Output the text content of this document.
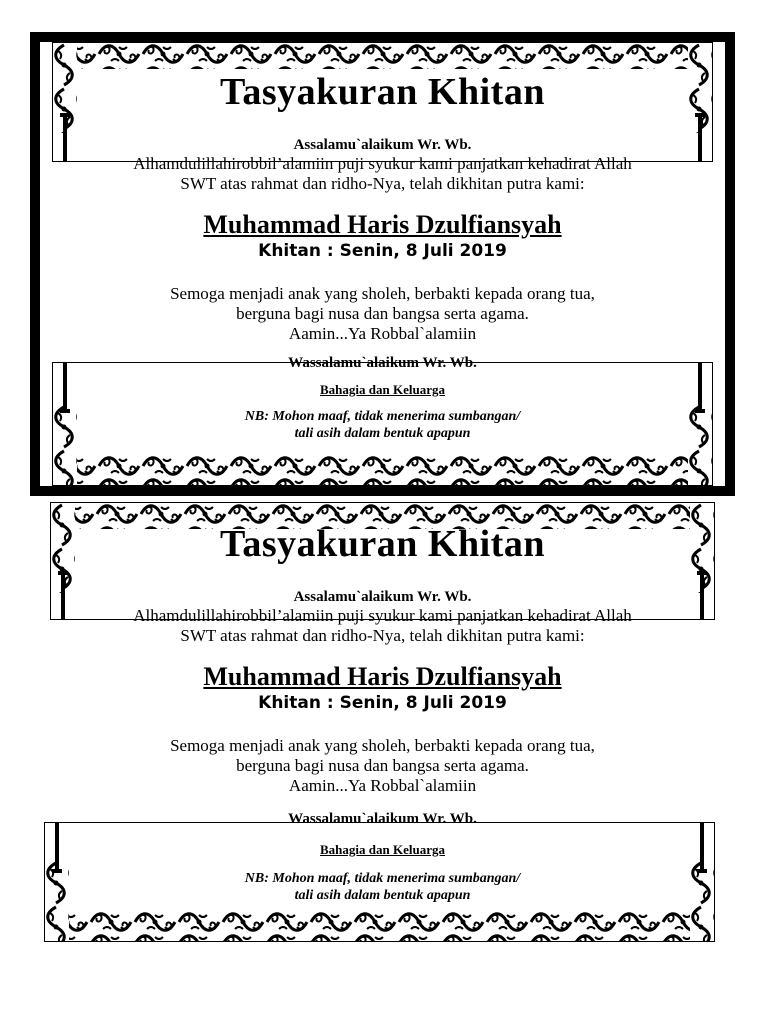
Tasyakuran Khitan

Assalamu`alaikum Wr. Wb.

Alhamdulillahirobbil’alamiin puji syukur kami panjatkan kehadirat Allah

SWT atas rahmat dan ridho-Nya, telah dikhitan putra kami:

Muhammad Haris Dzulfiansyah

Khitan : Senin, 8 Juli 2019

Semoga menjadi anak yang sholeh, berbakti kepada orang tua,

berguna bagi nusa dan bangsa serta agama.

Aamin...Ya Robbal`alamiin

Wassalamu`alaikum Wr. Wb.

Bahagia dan Keluarga

NB: Mohon maaf, tidak menerima sumbangan/

tali asih dalam bentuk apapun

Tasyakuran Khitan

Assalamu`alaikum Wr. Wb.

Alhamdulillahirobbil’alamiin puji syukur kami panjatkan kehadirat Allah

SWT atas rahmat dan ridho-Nya, telah dikhitan putra kami:

Muhammad Haris Dzulfiansyah

Khitan : Senin, 8 Juli 2019

Semoga menjadi anak yang sholeh, berbakti kepada orang tua,

berguna bagi nusa dan bangsa serta agama.

Aamin...Ya Robbal`alamiin

Wassalamu`alaikum Wr. Wb.

Bahagia dan Keluarga

NB: Mohon maaf, tidak menerima sumbangan/

tali asih dalam bentuk apapun
